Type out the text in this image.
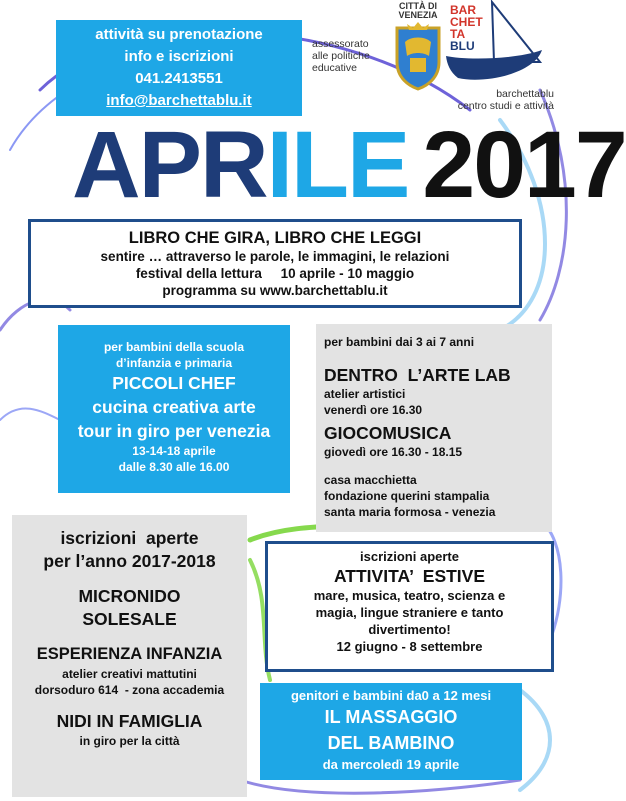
attività su prenotazione
info e iscrizioni
041.2413551
info@barchettablu.it
assessorato
alle politiche
educative
CITTÀ DI
VENEZIA	BAR
CHET
TA
BLU
barchettablu
centro studi e attività
APRILE 2017
LIBRO CHE GIRA, LIBRO CHE LEGGI
sentire … attraverso le parole, le immagini, le relazioni
festival della lettura     10 aprile - 10 maggio
programma su www.barchettablu.it
per bambini della scuola
d’infanzia e primaria
PICCOLI CHEF
cucina creativa arte
tour in giro per venezia
13-14-18 aprile
dalle 8.30 alle 16.00
per bambini dai 3 ai 7 anni
DENTRO  L’ARTE LAB
atelier artistici
venerdì ore 16.30
GIOCOMUSICA
giovedì ore 16.30 - 18.15
casa macchietta
fondazione querini stampalia
santa maria formosa - venezia
iscrizioni  aperte
per l’anno 2017-2018
MICRONIDO
SOLESALE
ESPERIENZA INFANZIA
atelier creativi mattutini
dorsoduro 614  - zona accademia
NIDI IN FAMIGLIA
in giro per la città
iscrizioni aperte
ATTIVITA’  ESTIVE
mare, musica, teatro, scienza e
magia, lingue straniere e tanto
divertimento!
12 giugno - 8 settembre
genitori e bambini da0 a 12 mesi
IL MASSAGGIO
DEL BAMBINO
da mercoledì 19 aprile
